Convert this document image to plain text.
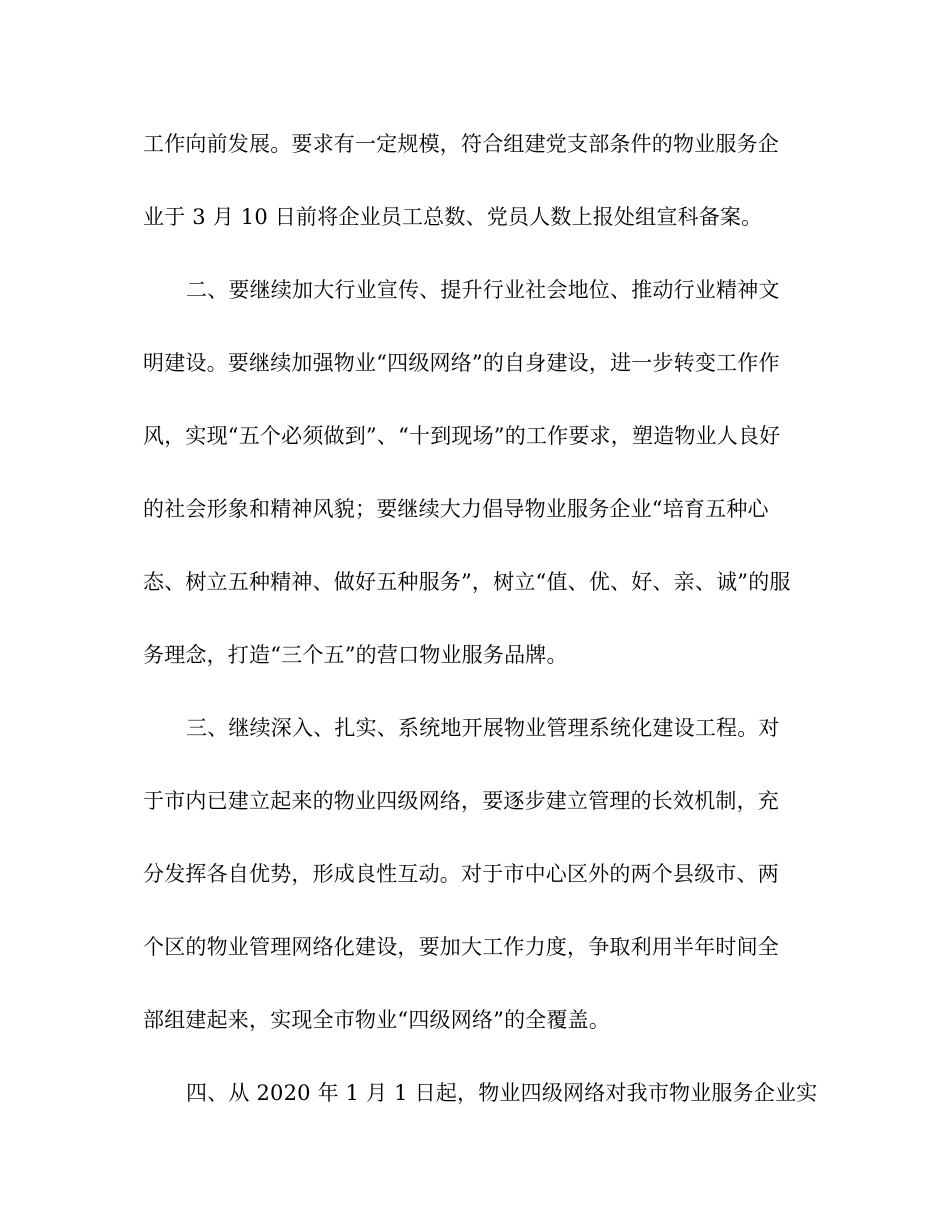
工作向前发展。要求有一定规模，符合组建党支部条件的物业服务企
业于 3 月 10 日前将企业员工总数、党员人数上报处组宣科备案。
二、要继续加大行业宣传、提升行业社会地位、推动行业精神文
明建设。要继续加强物业“四级网络”的自身建设，进一步转变工作作
风，实现“五个必须做到”、“十到现场”的工作要求，塑造物业人良好
的社会形象和精神风貌；要继续大力倡导物业服务企业“培育五种心
态、树立五种精神、做好五种服务”，树立“值、优、好、亲、诚”的服
务理念，打造“三个五”的营口物业服务品牌。
三、继续深入、扎实、系统地开展物业管理系统化建设工程。对
于市内已建立起来的物业四级网络，要逐步建立管理的长效机制，充
分发挥各自优势，形成良性互动。对于市中心区外的两个县级市、两
个区的物业管理网络化建设，要加大工作力度，争取利用半年时间全
部组建起来，实现全市物业“四级网络”的全覆盖。
四、从 2020 年 1 月 1 日起，物业四级网络对我市物业服务企业实
